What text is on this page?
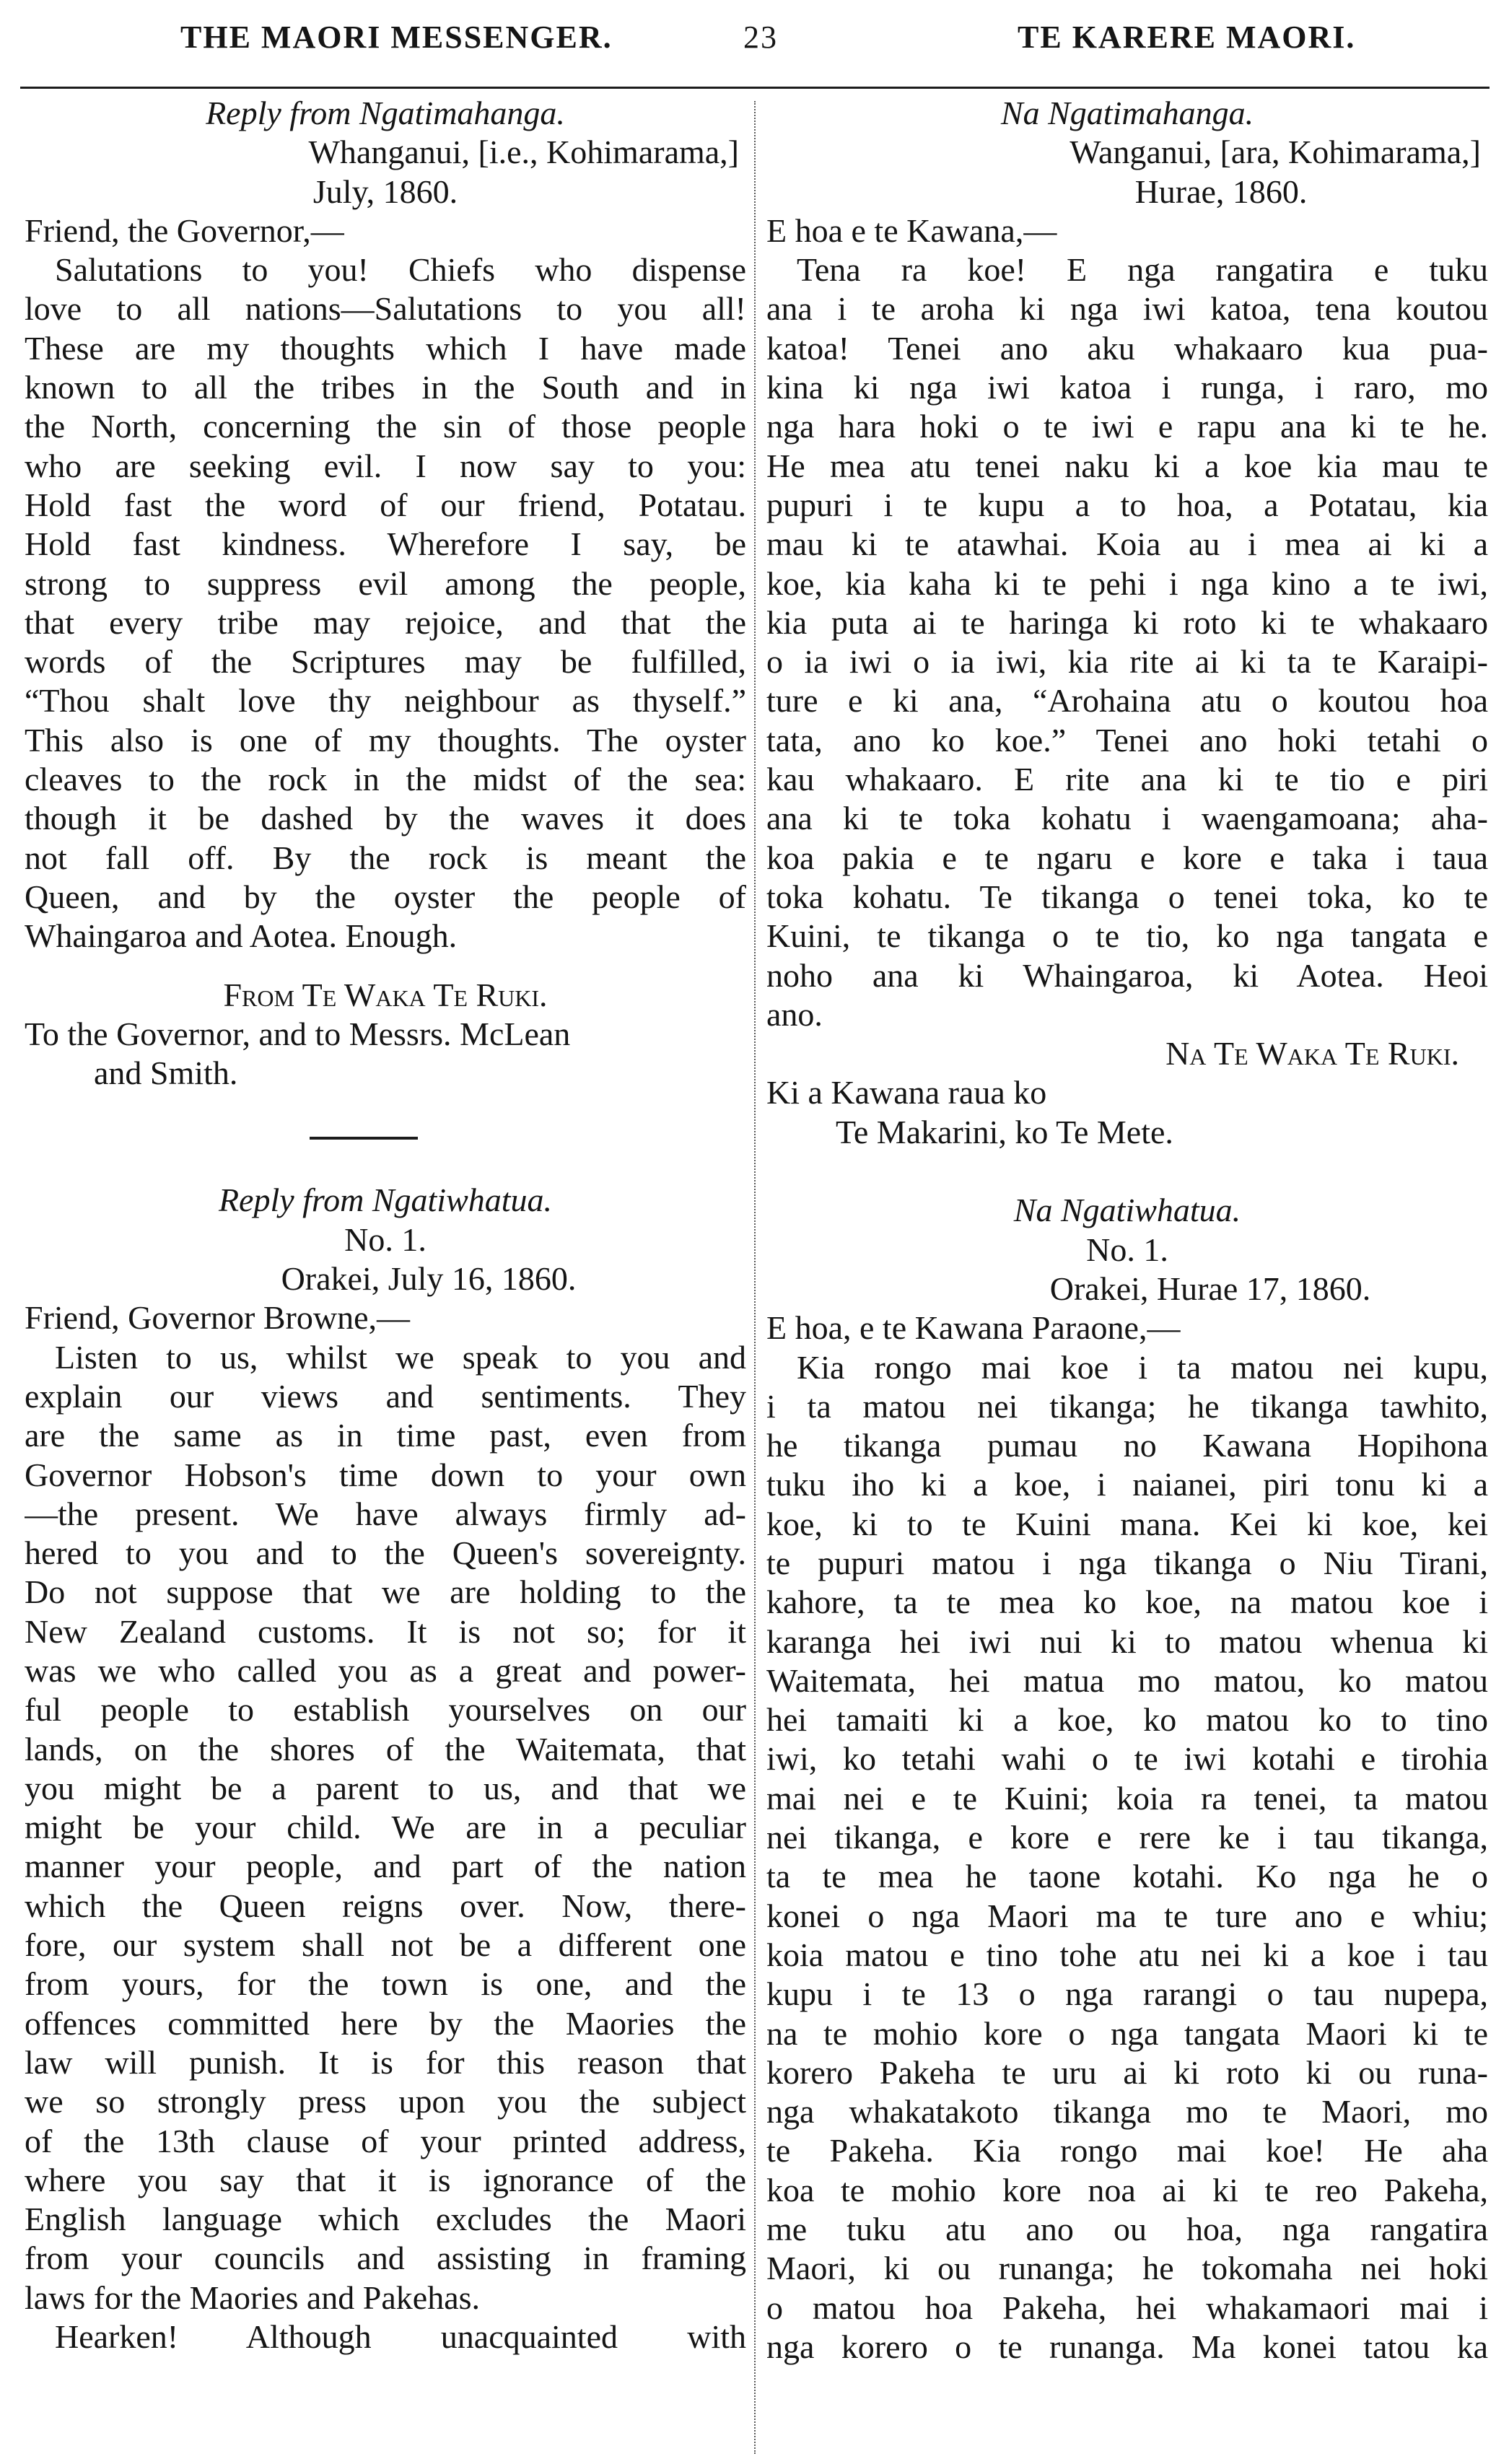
THE MAORI MESSENGER.	23	TE KARERE MAORI.
Reply from Ngatimahanga.
Whanganui, [i.e., Kohimarama,]
July, 1860.
Friend, the Governor,—
Salutations to you! Chiefs who dispense
love to all nations—Salutations to you all!
These are my thoughts which I have made
known to all the tribes in the South and in
the North, concerning the sin of those people
who are seeking evil. I now say to you:
Hold fast the word of our friend, Potatau.
Hold fast kindness. Wherefore I say, be
strong to suppress evil among the people,
that every tribe may rejoice, and that the
words of the Scriptures may be fulfilled,
“Thou shalt love thy neighbour as thyself.”
This also is one of my thoughts. The oyster
cleaves to the rock in the midst of the sea:
though it be dashed by the waves it does
not fall off. By the rock is meant the
Queen, and by the oyster the people of
Whaingaroa and Aotea. Enough.
From Te Waka Te Ruki.
To the Governor, and to Messrs. McLean
and Smith.
Reply from Ngatiwhatua.
No. 1.
Orakei, July 16, 1860.
Friend, Governor Browne,—
Listen to us, whilst we speak to you and
explain our views and sentiments. They
are the same as in time past, even from
Governor Hobson's time down to your own
—the present. We have always firmly ad-
hered to you and to the Queen's sovereignty.
Do not suppose that we are holding to the
New Zealand customs. It is not so; for it
was we who called you as a great and power-
ful people to establish yourselves on our
lands, on the shores of the Waitemata, that
you might be a parent to us, and that we
might be your child. We are in a peculiar
manner your people, and part of the nation
which the Queen reigns over. Now, there-
fore, our system shall not be a different one
from yours, for the town is one, and the
offences committed here by the Maories the
law will punish. It is for this reason that
we so strongly press upon you the subject
of the 13th clause of your printed address,
where you say that it is ignorance of the
English language which excludes the Maori
from your councils and assisting in framing
laws for the Maories and Pakehas.
Hearken! Although unacquainted with
Na Ngatimahanga.
Wanganui, [ara, Kohimarama,]
Hurae, 1860.
E hoa e te Kawana,—
Tena ra koe! E nga rangatira e tuku
ana i te aroha ki nga iwi katoa, tena koutou
katoa! Tenei ano aku whakaaro kua pua-
kina ki nga iwi katoa i runga, i raro, mo
nga hara hoki o te iwi e rapu ana ki te he.
He mea atu tenei naku ki a koe kia mau te
pupuri i te kupu a to hoa, a Potatau, kia
mau ki te atawhai. Koia au i mea ai ki a
koe, kia kaha ki te pehi i nga kino a te iwi,
kia puta ai te haringa ki roto ki te whakaaro
o ia iwi o ia iwi, kia rite ai ki ta te Karaipi-
ture e ki ana, “Arohaina atu o koutou hoa
tata, ano ko koe.” Tenei ano hoki tetahi o
kau whakaaro. E rite ana ki te tio e piri
ana ki te toka kohatu i waengamoana; aha-
koa pakia e te ngaru e kore e taka i taua
toka kohatu. Te tikanga o tenei toka, ko te
Kuini, te tikanga o te tio, ko nga tangata e
noho ana ki Whaingaroa, ki Aotea. Heoi
ano.
Na Te Waka Te Ruki.
Ki a Kawana raua ko
Te Makarini, ko Te Mete.
Na Ngatiwhatua.
No. 1.
Orakei, Hurae 17, 1860.
E hoa, e te Kawana Paraone,—
Kia rongo mai koe i ta matou nei kupu,
i ta matou nei tikanga; he tikanga tawhito,
he tikanga pumau no Kawana Hopihona
tuku iho ki a koe, i naianei, piri tonu ki a
koe, ki to te Kuini mana. Kei ki koe, kei
te pupuri matou i nga tikanga o Niu Tirani,
kahore, ta te mea ko koe, na matou koe i
karanga hei iwi nui ki to matou whenua ki
Waitemata, hei matua mo matou, ko matou
hei tamaiti ki a koe, ko matou ko to tino
iwi, ko tetahi wahi o te iwi kotahi e tirohia
mai nei e te Kuini; koia ra tenei, ta matou
nei tikanga, e kore e rere ke i tau tikanga,
ta te mea he taone kotahi. Ko nga he o
konei o nga Maori ma te ture ano e whiu;
koia matou e tino tohe atu nei ki a koe i tau
kupu i te 13 o nga rarangi o tau nupepa,
na te mohio kore o nga tangata Maori ki te
korero Pakeha te uru ai ki roto ki ou runa-
nga whakatakoto tikanga mo te Maori, mo
te Pakeha. Kia rongo mai koe! He aha
koa te mohio kore noa ai ki te reo Pakeha,
me tuku atu ano ou hoa, nga rangatira
Maori, ki ou runanga; he tokomaha nei hoki
o matou hoa Pakeha, hei whakamaori mai i
nga korero o te runanga. Ma konei tatou ka
